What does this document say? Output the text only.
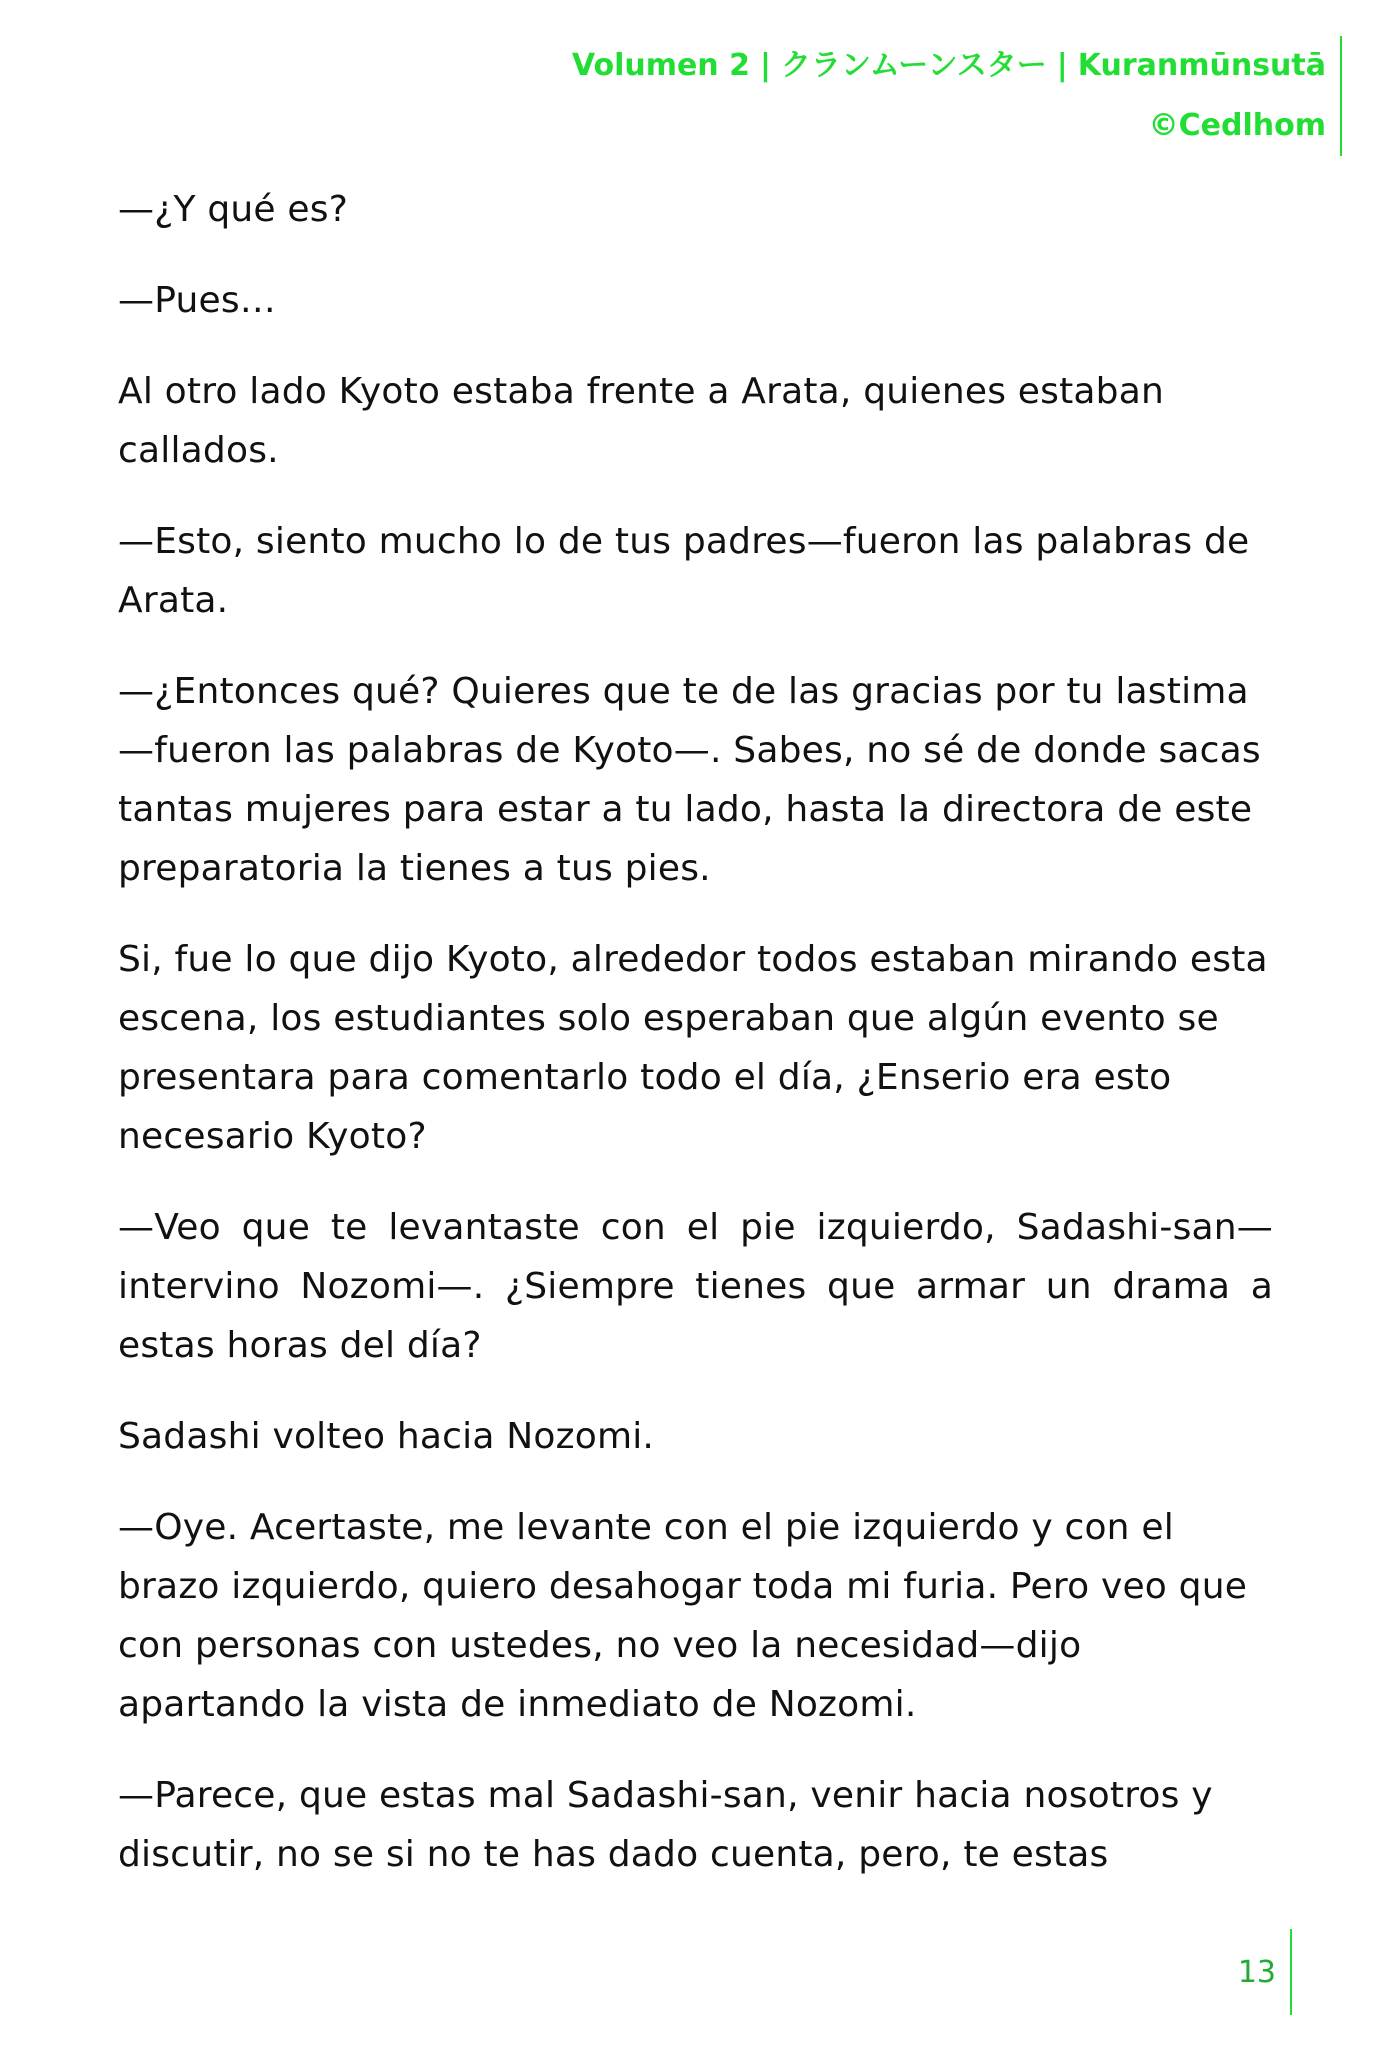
Volumen 2 | クランムーンスター | Kuranmūnsutā
©Cedlhom

—¿Y qué es?

—Pues…

Al otro lado Kyoto estaba frente a Arata, quienes estaban callados.

—Esto, siento mucho lo de tus padres—fueron las palabras de Arata.

—¿Entonces qué? Quieres que te de las gracias por tu lastima—fueron las palabras de Kyoto—. Sabes, no sé de donde sacas tantas mujeres para estar a tu lado, hasta la directora de este preparatoria la tienes a tus pies.

Si, fue lo que dijo Kyoto, alrededor todos estaban mirando esta escena, los estudiantes solo esperaban que algún evento se presentara para comentarlo todo el día, ¿Enserio era esto necesario Kyoto?

—Veo que te levantaste con el pie izquierdo, Sadashi-san—intervino Nozomi—. ¿Siempre tienes que armar un drama a estas horas del día?

Sadashi volteo hacia Nozomi.

—Oye. Acertaste, me levante con el pie izquierdo y con el brazo izquierdo, quiero desahogar toda mi furia. Pero veo que con personas con ustedes, no veo la necesidad—dijo apartando la vista de inmediato de Nozomi.

—Parece, que estas mal Sadashi-san, venir hacia nosotros y discutir, no se si no te has dado cuenta, pero, te estas

13
